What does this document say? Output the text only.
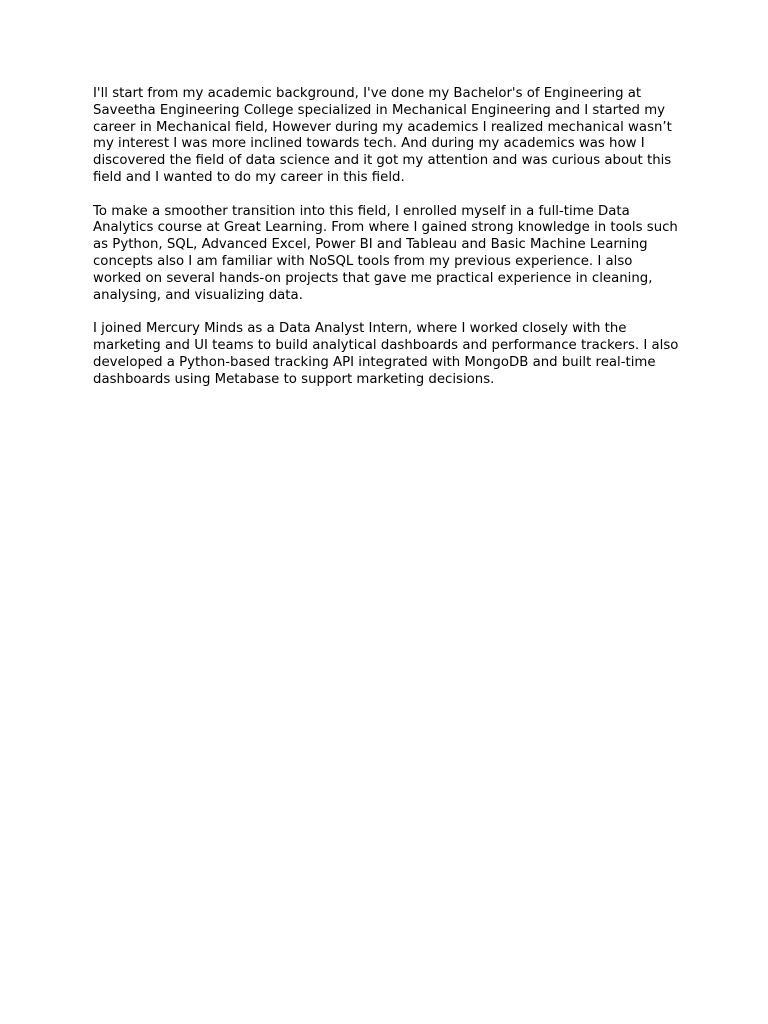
I'll start from my academic background, I've done my Bachelor's of Engineering at Saveetha Engineering College specialized in Mechanical Engineering and I started my career in Mechanical field, However during my academics I realized mechanical wasn’t my interest I was more inclined towards tech. And during my academics was how I discovered the field of data science and it got my attention and was curious about this field and I wanted to do my career in this field.

To make a smoother transition into this field, I enrolled myself in a full-time Data Analytics course at Great Learning. From where I gained strong knowledge in tools such as Python, SQL, Advanced Excel, Power BI and Tableau and Basic Machine Learning concepts also I am familiar with NoSQL tools from my previous experience. I also worked on several hands-on projects that gave me practical experience in cleaning, analysing, and visualizing data.

I joined Mercury Minds as a Data Analyst Intern, where I worked closely with the marketing and UI teams to build analytical dashboards and performance trackers. I also developed a Python-based tracking API integrated with MongoDB and built real-time dashboards using Metabase to support marketing decisions.
